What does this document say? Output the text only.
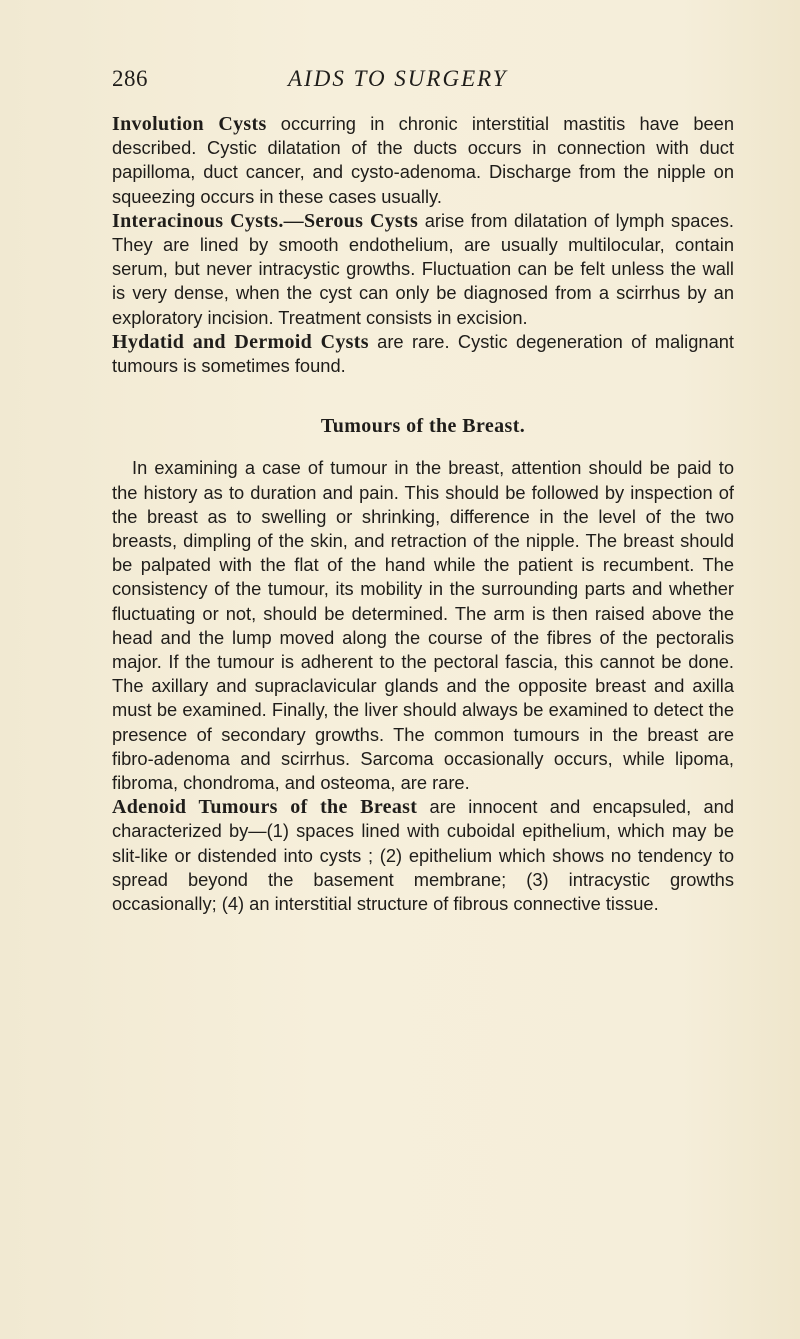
286	AIDS TO SURGERY

Involution Cysts occurring in chronic interstitial mastitis have been described. Cystic dilatation of the ducts occurs in connection with duct papilloma, duct cancer, and cysto-adenoma. Discharge from the nipple on squeezing occurs in these cases usually.

Interacinous Cysts.—Serous Cysts arise from dilatation of lymph spaces. They are lined by smooth endothelium, are usually multilocular, contain serum, but never intracystic growths. Fluctuation can be felt unless the wall is very dense, when the cyst can only be diagnosed from a scirrhus by an exploratory incision. Treatment consists in excision.

Hydatid and Dermoid Cysts are rare. Cystic degeneration of malignant tumours is sometimes found.

Tumours of the Breast.

In examining a case of tumour in the breast, attention should be paid to the history as to duration and pain. This should be followed by inspection of the breast as to swelling or shrinking, difference in the level of the two breasts, dimpling of the skin, and retraction of the nipple. The breast should be palpated with the flat of the hand while the patient is recumbent. The consistency of the tumour, its mobility in the surrounding parts and whether fluctuating or not, should be determined. The arm is then raised above the head and the lump moved along the course of the fibres of the pectoralis major. If the tumour is adherent to the pectoral fascia, this cannot be done. The axillary and supraclavicular glands and the opposite breast and axilla must be examined. Finally, the liver should always be examined to detect the presence of secondary growths. The common tumours in the breast are fibro-adenoma and scirrhus. Sarcoma occasionally occurs, while lipoma, fibroma, chondroma, and osteoma, are rare.

Adenoid Tumours of the Breast are innocent and encapsuled, and characterized by—(1) spaces lined with cuboidal epithelium, which may be slit-like or distended into cysts ; (2) epithelium which shows no tendency to spread beyond the basement membrane; (3) intracystic growths occasionally; (4) an interstitial structure of fibrous connective tissue.
